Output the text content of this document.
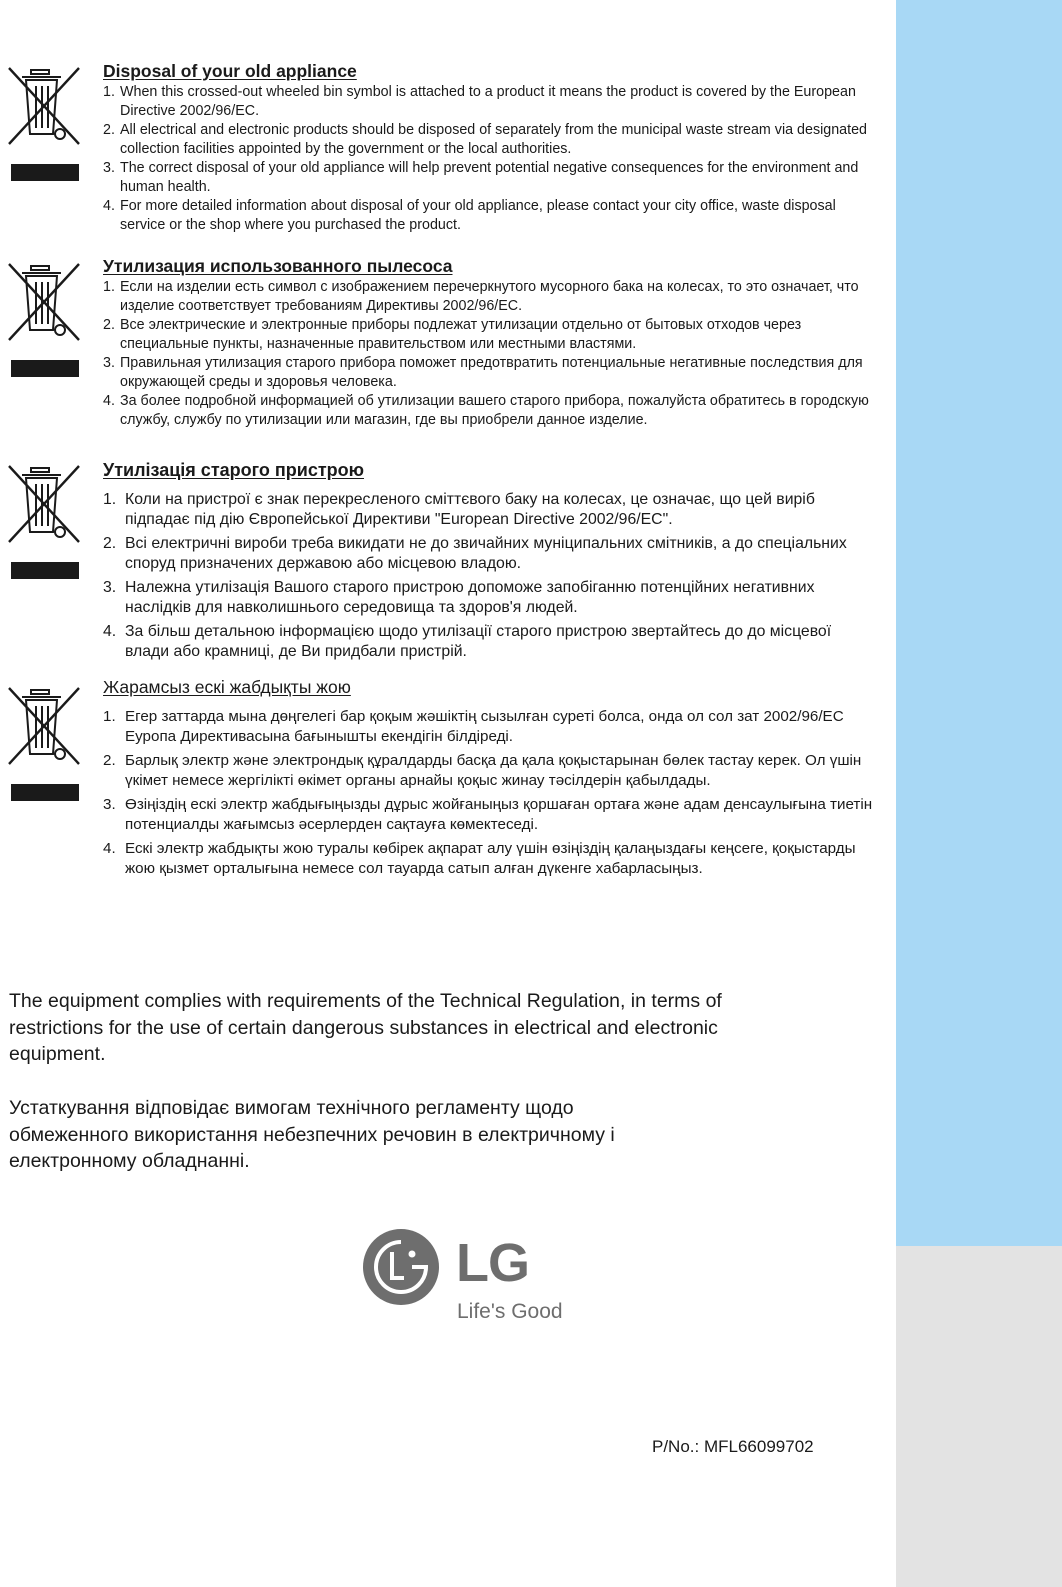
Disposal of your old appliance
1. When this crossed-out wheeled bin symbol is attached to a product it means the product is covered by the European Directive 2002/96/EC.
2. All electrical and electronic products should be disposed of separately from the municipal waste stream via designated collection facilities appointed by the government or the local authorities.
3. The correct disposal of your old appliance will help prevent potential negative consequences for the environment and human health.
4. For more detailed information about disposal of your old appliance, please contact your city office, waste disposal service or the shop where you purchased the product.
Утилизация использованного пылесоса
1. Если на изделии есть символ с изображением перечеркнутого мусорного бака на колесах, то это означает, что изделие соответствует требованиям Директивы 2002/96/EC.
2. Все электрические и электронные приборы подлежат утилизации отдельно от бытовых отходов через специальные пункты, назначенные правительством или местными властями.
3. Правильная утилизация старого прибора поможет предотвратить потенциальные негативные последствия для окружающей среды и здоровья человека.
4. За более подробной информацией об утилизации вашего старого прибора, пожалуйста обратитесь в городскую службу, службу по утилизации или магазин, где вы приобрели данное изделие.
Утилізація старого пристрою
1. Коли на пристрої є знак перекресленого сміттєвого баку на колесах, це означає, що цей виріб підпадає під дію Європейської Директиви "European Directive 2002/96/EC".
2. Всі електричні вироби треба викидати не до звичайних муніципальних смітників, а до спеціальних споруд призначених державою або місцевою владою.
3. Належна утилізація Вашого старого пристрою допоможе запобіганню потенційних негативних наслідків для навколишнього середовища та здоров'я людей.
4. За більш детальною інформацією щодо утилізації старого пристрою звертайтесь до до місцевої влади або крамниці, де Ви придбали пристрій.
Жарамсыз ескі жабдықты жою
1. Егер заттарда мына дөңгелегі бар қоқым жәшіктің сызылған суреті болса, онда ол сол зат 2002/96/EC Еуропа Директивасына бағынышты екендігін білдіреді.
2. Барлық электр және электрондық құралдарды басқа да қала қоқыстарынан бөлек тастау керек. Ол үшін үкімет немесе жергілікті өкімет органы арнайы қоқыс жинау тәсілдерін қабылдады.
3. Өзіңіздің ескі электр жабдығыңызды дұрыс жойғаныңыз қоршаған ортаға және адам денсаулығына тиетін потенциалды жағымсыз әсерлерден сақтауға көмектеседі.
4. Ескі электр жабдықты жою туралы көбірек ақпарат алу үшін өзіңіздің қалаңыздағы кеңсеге, қоқыстарды жою қызмет орталығына немесе сол тауарда сатып алған дүкенге хабарласыңыз.

The equipment complies with requirements of the Technical Regulation, in terms of restrictions for the use of certain dangerous substances in electrical and electronic equipment.

Устаткування відповідає вимогам технічного регламенту щодо обмеженного використання небезпечних речовин в електричному і електронному обладнанні.

LG
Life's Good
P/No.: MFL66099702
